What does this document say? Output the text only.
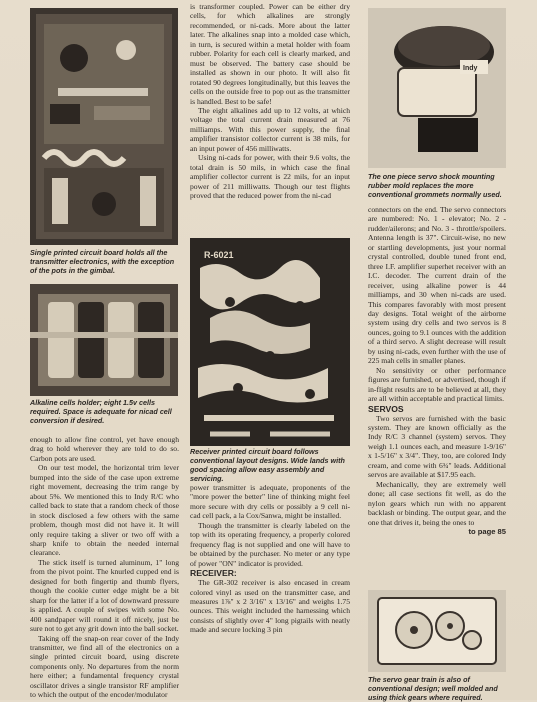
Single printed circuit board holds all the transmitter electronics, with the exception of the pots in the gimbal.

Alkaline cells holder; eight 1.5v cells required. Space is adequate for nicad cell conversion if desired.

enough to allow fine control, yet have enough drag to hold wherever they are told to do so. Carbon pots are used.

On our test model, the horizontal trim lever bumped into the side of the case upon extreme right movement, decreasing the trim range by about 5%. We mentioned this to Indy R/C who called back to state that a random check of those in stock disclosed a few others with the same problem, though most did not have it. It will only require taking a sliver or two off with a sharp knife to obtain the needed internal clearance.

The stick itself is turned aluminum, 1" long from the pivot point. The knurled cupped end is designed for both fingertip and thumb flyers, though the cookie cutter edge might be a bit sharp for the latter if a lot of downward pressure is applied. A couple of swipes with some No. 400 sandpaper will round it off nicely, just be sure not to get any grit down into the ball socket.

Taking off the snap-on rear cover of the Indy transmitter, we find all of the electronics on a single printed circuit board, using discrete components only. No departures from the norm here either; a fundamental frequency crystal oscillator drives a single transistor RF amplifier to which the output of the encoder/modulator

is transformer coupled. Power can be either dry cells, for which alkalines are strongly recommended, or ni-cads. More about the latter later. The alkalines snap into a molded case which, in turn, is secured within a metal holder with foam rubber. Polarity for each cell is clearly marked, and must be observed. The battery case should be installed as shown in our photo. It will also fit rotated 90 degrees longitudinally, but this leaves the cells on the outside free to pop out as the transmitter is handled. Best to be safe!

The eight alkalines add up to 12 volts, at which voltage the total current drain measured at 76 milliamps. With this power supply, the final amplifier transistor collector current is 38 mils, for an input power of 456 milliwatts.

Using ni-cads for power, with their 9.6 volts, the total drain is 50 mils, in which case the final amplifier collector current is 22 mils, for an input power of 211 milliwatts. Though our test flights proved that the reduced power from the ni-cad

R-6021

Receiver printed circuit board follows conventional layout designs. Wide lands with good spacing allow easy assembly and servicing.

power transmitter is adequate, proponents of the "more power the better" line of thinking might feel more secure with dry cells or possibly a 9 cell ni-cad cell pack, a la Cox/Sanwa, might be installed.

Though the transmitter is clearly labeled on the top with its operating frequency, a properly colored frequency flag is not supplied and one will have to be obtained by the purchaser. No meter or any type of power "ON" indicator is provided.

RECEIVER:

The GR-302 receiver is also encased in cream colored vinyl as used on the transmitter case, and measures 1⅞" x 2 3/16" x 13/16" and weighs 1.75 ounces. This weight included the harnessing which consists of slightly over 4" long pigtails with neatly made and secure locking 3 pin

Indy

The one piece servo shock mounting rubber mold replaces the more conventional grommets normally used.

connectors on the end. The servo connectors are numbered: No. 1 - elevator; No. 2 - rudder/ailerons; and No. 3 - throttle/spoilers. Antenna length is 37". Circuit-wise, no new or startling developments, just your normal crystal controlled, double tuned front end, three I.F. amplifier superhet receiver with an I.C. decoder. The current drain of the receiver, using alkaline power is 44 milliamps, and 30 when ni-cads are used. This compares favorably with most present day designs. Total weight of the airborne system using dry cells and two servos is 8 ounces, going to 9.1 ounces with the addition of a third servo. A slight decrease will result by using ni-cads, even further with the use of 225 mah cells in smaller planes.

No sensitivity or other performance figures are furnished, or advertised, though if in-flight results are to be believed at all, they are all within acceptable and practical limits.

SERVOS

Two servos are furnished with the basic system. They are known officially as the Indy R/C 3 channel (system) servos. They weigh 1.1 ounces each, and measure 1-9/16" x 1-5/16" x 3/4". They, too, are colored Indy cream, and come with 6¾" leads. Additional servos are available at $17.95 each.

Mechanically, they are extremely well done; all case sections fit well, as do the nylon gears which run with no apparent backlash or binding. The output gear, and the one that drives it, being the ones to

to page 85

The servo gear train is also of conventional design; well molded and using thick gears where required.
